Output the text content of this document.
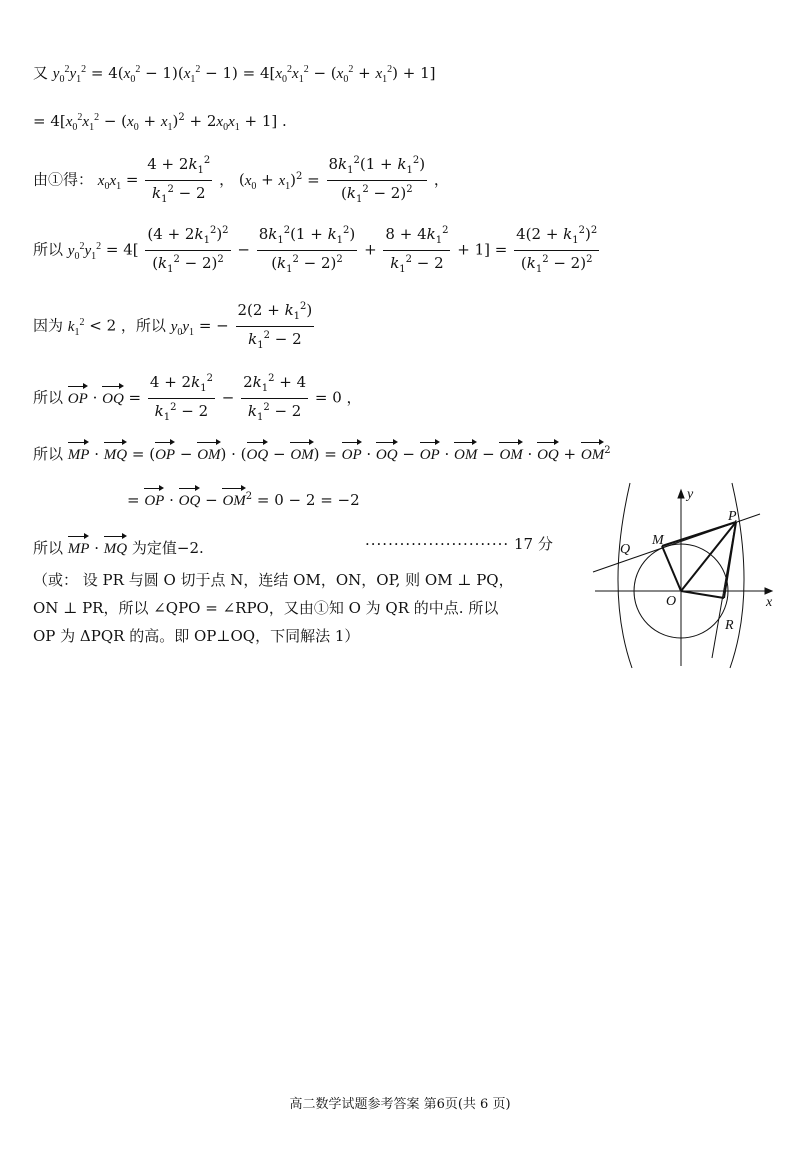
又 $y_0^2y_1^2 = 4(x_0^2 - 1)(x_1^2 - 1) = 4[x_0^2x_1^2 - (x_0^2 + x_1^2) + 1]$
= $4[x_0^2x_1^2 - (x_0 + x_1)^2 + 2x_0x_1 + 1]$ .
由①得： $x_0x_1 = \frac{4 + 2k_1^2}{k_1^2 - 2}$ ， $(x_0 + x_1)^2 = \frac{8k_1^2(1 + k_1^2)}{(k_1^2 - 2)^2}$ ，
所以 $y_0^2y_1^2 = 4[ \frac{(4 + 2k_1^2)^2}{(k_1^2 - 2)^2} - \frac{8k_1^2(1 + k_1^2)}{(k_1^2 - 2)^2} + \frac{8 + 4k_1^2}{k_1^2 - 2} + 1] = \frac{4(2 + k_1^2)^2}{(k_1^2 - 2)^2}$
因为 $k_1^2 < 2$ ，所以 $y_0y_1$ = − $\frac{2(2 + k_1^2)}{k_1^2 - 2}$
所以 OP · OQ = $\frac{4 + 2k_1^2}{k_1^2 - 2} - \frac{2k_1^2 + 4}{k_1^2 - 2} = 0$ ，
所以 MP · MQ = (OP − OM) · (OQ − OM) = OP · OQ − OP · OM − OM · OQ + $OM^2$
= OP · OQ − $OM^2 = 0 - 2 = -2$
所以 MP · MQ 为定值−2.	························· 17 分
（或： 设 PR 与圆 O 切于点 N，连结 OM，ON，OP, 则 OM ⊥ PQ，
ON ⊥ PR，所以 ∠QPO = ∠RPO，又由①知 O 为 QR 的中点. 所以
OP 为 ΔPQR 的高。即 OP⊥OQ，下同解法 1）
x
y
O
P
Q
M
R
高二数学试题参考答案 第6页(共 6 页)
